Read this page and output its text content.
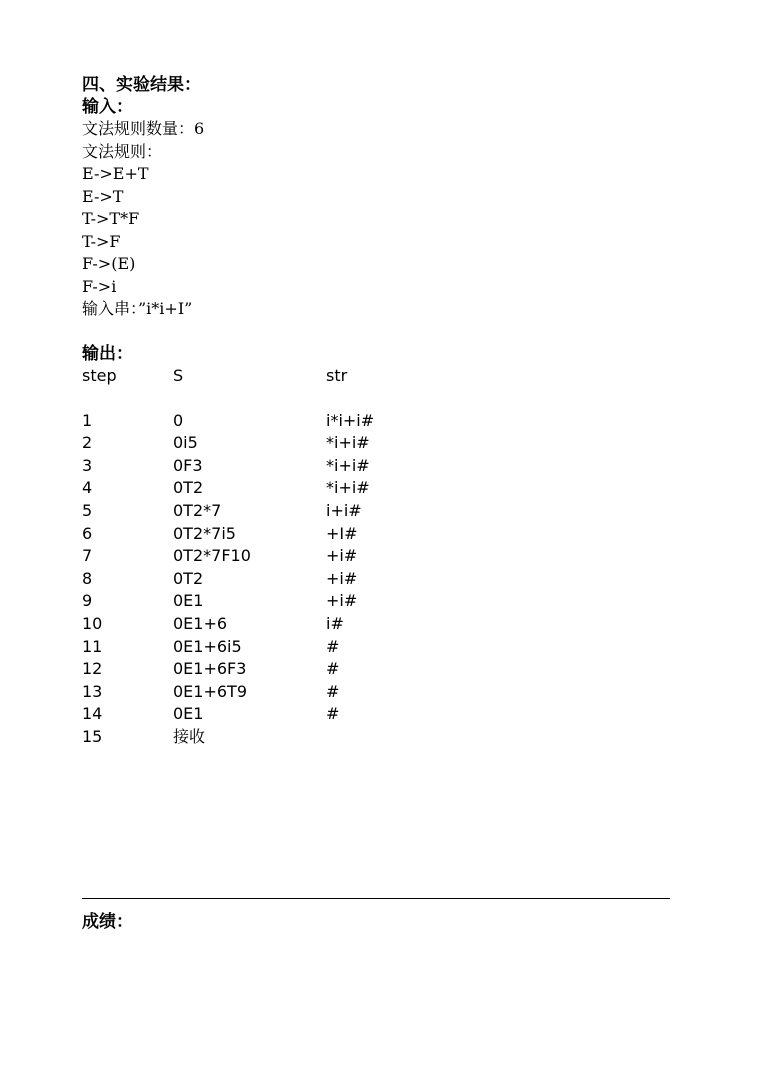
四、实验结果：
输入：
文法规则数量：6
文法规则：
E->E+T
E->T
T->T*F
T->F
F->(E)
F->i
输入串：”i*i+I”
输出：
step	S	str

1	0	i*i+i#
2	0i5	*i+i#
3	0F3	*i+i#
4	0T2	*i+i#
5	0T2*7	i+i#
6	0T2*7i5	+I#
7	0T2*7F10	+i#
8	0T2	+i#
9	0E1	+i#
10	0E1+6	i#
11	0E1+6i5	#
12	0E1+6F3	#
13	0E1+6T9	#
14	0E1	#
15	接收	
成绩：
